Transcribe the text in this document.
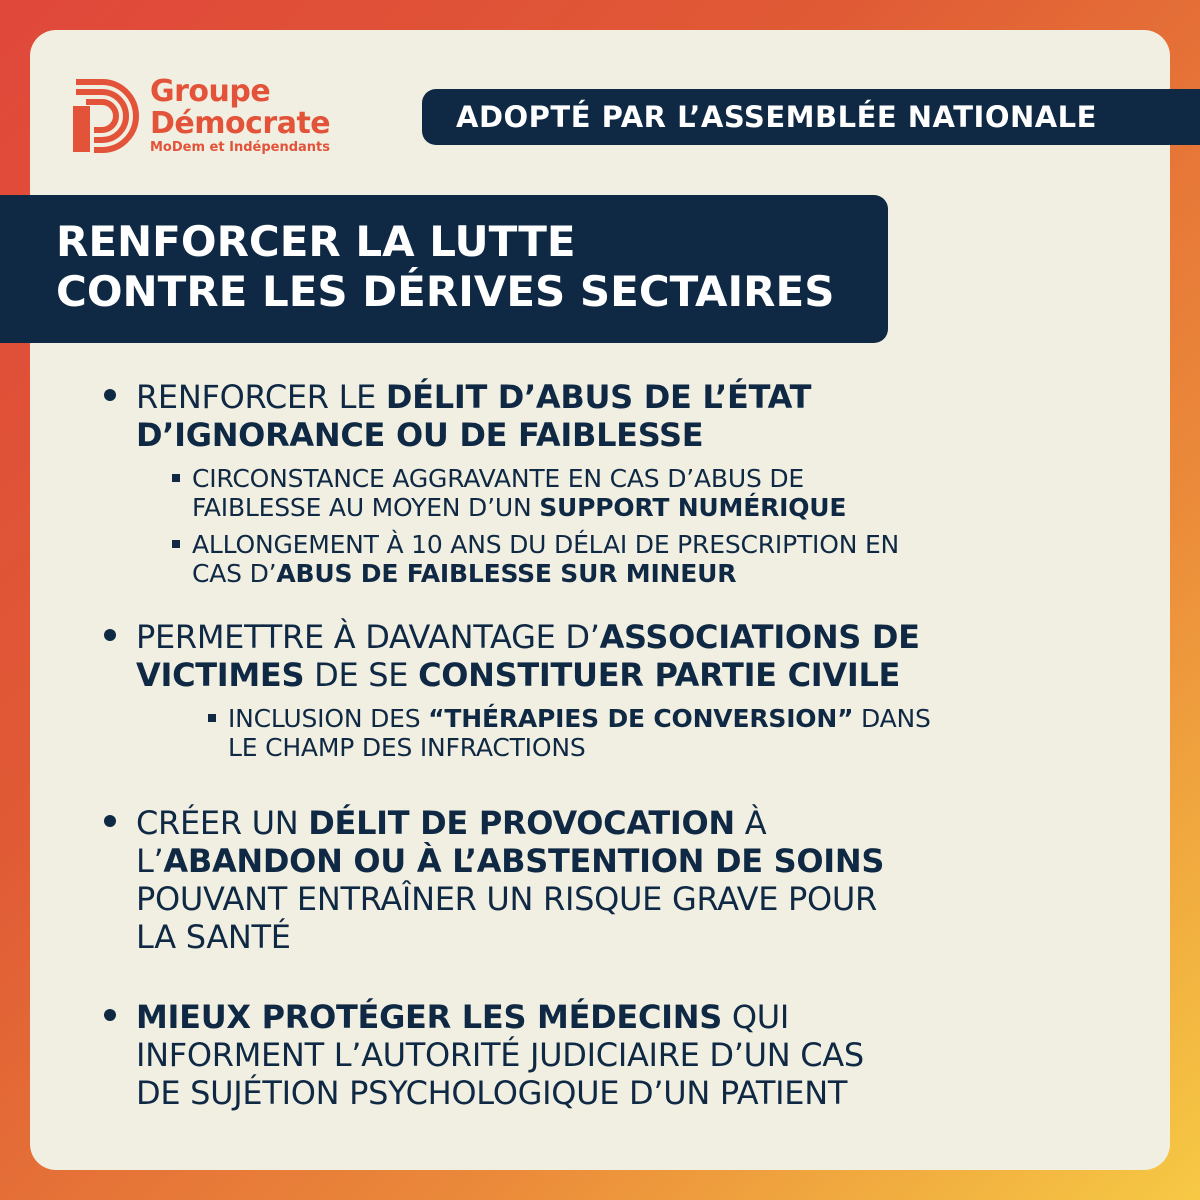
Groupe
Démocrate
MoDem et Indépendants
ADOPTÉ PAR L’ASSEMBLÉE NATIONALE
RENFORCER LA LUTTE
CONTRE LES DÉRIVES SECTAIRES
RENFORCER LE DÉLIT D’ABUS DE L’ÉTAT
D’IGNORANCE OU DE FAIBLESSE
CIRCONSTANCE AGGRAVANTE EN CAS D’ABUS DE
FAIBLESSE AU MOYEN D’UN SUPPORT NUMÉRIQUE
ALLONGEMENT À 10 ANS DU DÉLAI DE PRESCRIPTION EN
CAS D’ABUS DE FAIBLESSE SUR MINEUR
PERMETTRE À DAVANTAGE D’ASSOCIATIONS DE
VICTIMES DE SE CONSTITUER PARTIE CIVILE
INCLUSION DES “THÉRAPIES DE CONVERSION” DANS
LE CHAMP DES INFRACTIONS
CRÉER UN DÉLIT DE PROVOCATION À
L’ABANDON OU À L’ABSTENTION DE SOINS
POUVANT ENTRAÎNER UN RISQUE GRAVE POUR
LA SANTÉ
MIEUX PROTÉGER LES MÉDECINS QUI
INFORMENT L’AUTORITÉ JUDICIAIRE D’UN CAS
DE SUJÉTION PSYCHOLOGIQUE D’UN PATIENT
